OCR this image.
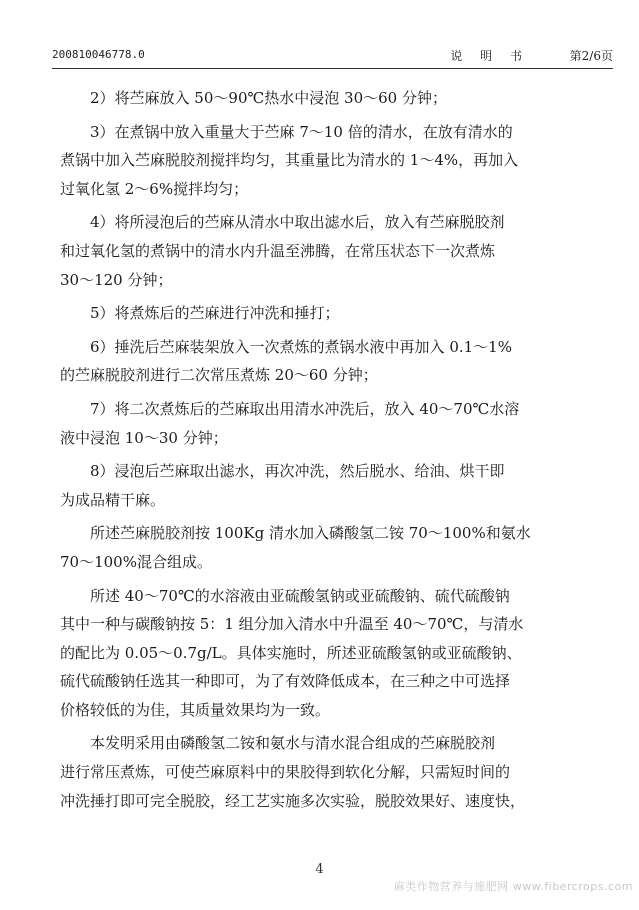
200810046778.0	说 明 书	第2/6页
2）将苎麻放入 50～90℃热水中浸泡 30～60 分钟；
3）在煮锅中放入重量大于苎麻 7～10 倍的清水，在放有清水的
煮锅中加入苎麻脱胶剂搅拌均匀，其重量比为清水的 1～4%，再加入
过氧化氢 2～6%搅拌均匀；
4）将所浸泡后的苎麻从清水中取出滤水后，放入有苎麻脱胶剂
和过氧化氢的煮锅中的清水内升温至沸腾，在常压状态下一次煮炼
30～120 分钟；
5）将煮炼后的苎麻进行冲洗和捶打；
6）捶洗后苎麻装架放入一次煮炼的煮锅水液中再加入 0.1～1%
的苎麻脱胶剂进行二次常压煮炼 20～60 分钟；
7）将二次煮炼后的苎麻取出用清水冲洗后，放入 40～70℃水溶
液中浸泡 10～30 分钟；
8）浸泡后苎麻取出滤水，再次冲洗，然后脱水、给油、烘干即
为成品精干麻。
所述苎麻脱胶剂按 100Kg 清水加入磷酸氢二铵 70～100%和氨水
70～100%混合组成。
所述 40～70℃的水溶液由亚硫酸氢钠或亚硫酸钠、硫代硫酸钠
其中一种与碳酸钠按 5：1 组分加入清水中升温至 40～70℃，与清水
的配比为 0.05～0.7g/L。具体实施时，所述亚硫酸氢钠或亚硫酸钠、
硫代硫酸钠任选其一种即可，为了有效降低成本，在三种之中可选择
价格较低的为佳，其质量效果均为一致。
本发明采用由磷酸氢二铵和氨水与清水混合组成的苎麻脱胶剂
进行常压煮炼，可使苎麻原料中的果胶得到软化分解，只需短时间的
冲洗捶打即可完全脱胶，经工艺实施多次实验，脱胶效果好、速度快，
4
麻类作物营养与施肥网 www.fibercrops.com
